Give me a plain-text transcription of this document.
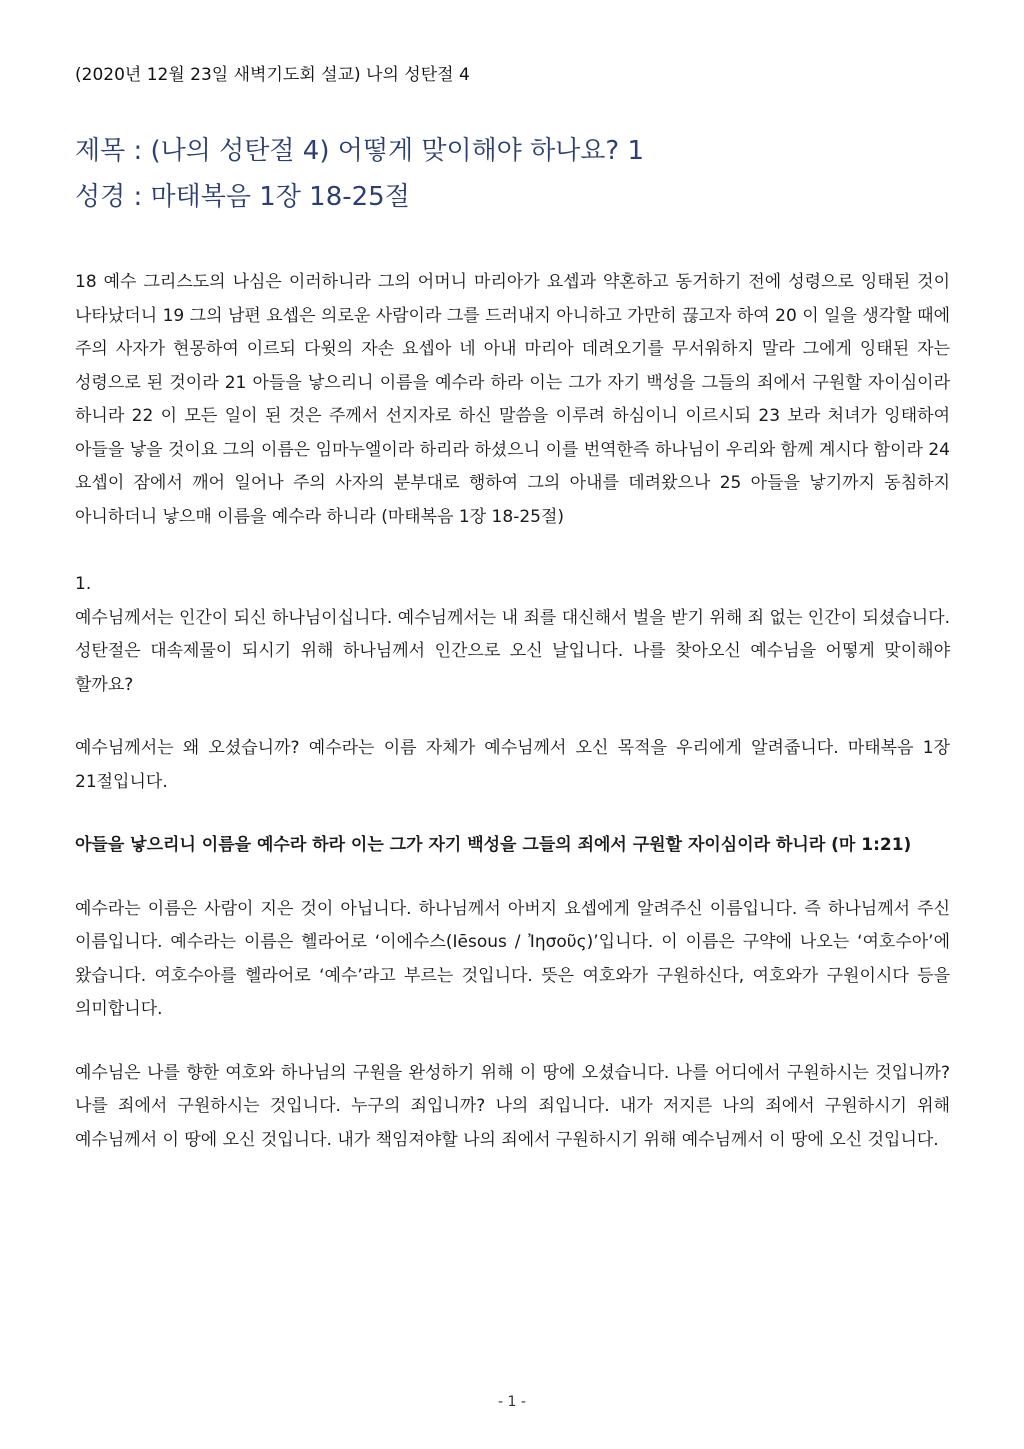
(2020년 12월 23일 새벽기도회 설교) 나의 성탄절 4

제목 : (나의 성탄절 4) 어떻게 맞이해야 하나요? 1
성경 : 마태복음 1장 18-25절

18 예수 그리스도의 나심은 이러하니라 그의 어머니 마리아가 요셉과 약혼하고 동거하기 전에 성령으로 잉태된 것이 나타났더니 19 그의 남편 요셉은 의로운 사람이라 그를 드러내지 아니하고 가만히 끊고자 하여 20 이 일을 생각할 때에 주의 사자가 현몽하여 이르되 다윗의 자손 요셉아 네 아내 마리아 데려오기를 무서워하지 말라 그에게 잉태된 자는 성령으로 된 것이라 21 아들을 낳으리니 이름을 예수라 하라 이는 그가 자기 백성을 그들의 죄에서 구원할 자이심이라 하니라 22 이 모든 일이 된 것은 주께서 선지자로 하신 말씀을 이루려 하심이니 이르시되 23 보라 처녀가 잉태하여 아들을 낳을 것이요 그의 이름은 임마누엘이라 하리라 하셨으니 이를 번역한즉 하나님이 우리와 함께 계시다 함이라 24 요셉이 잠에서 깨어 일어나 주의 사자의 분부대로 행하여 그의 아내를 데려왔으나 25 아들을 낳기까지 동침하지 아니하더니 낳으매 이름을 예수라 하니라 (마태복음 1장 18-25절)

1.

예수님께서는 인간이 되신 하나님이십니다. 예수님께서는 내 죄를 대신해서 벌을 받기 위해 죄 없는 인간이 되셨습니다. 성탄절은 대속제물이 되시기 위해 하나님께서 인간으로 오신 날입니다. 나를 찾아오신 예수님을 어떻게 맞이해야 할까요?

예수님께서는 왜 오셨습니까? 예수라는 이름 자체가 예수님께서 오신 목적을 우리에게 알려줍니다. 마태복음 1장 21절입니다.

아들을 낳으리니 이름을 예수라 하라 이는 그가 자기 백성을 그들의 죄에서 구원할 자이심이라 하니라 (마 1:21)

예수라는 이름은 사람이 지은 것이 아닙니다. 하나님께서 아버지 요셉에게 알려주신 이름입니다. 즉 하나님께서 주신 이름입니다. 예수라는 이름은 헬라어로 ‘이에수스(Iēsous / Ἰησοῦς)’입니다. 이 이름은 구약에 나오는 ‘여호수아’에 왔습니다. 여호수아를 헬라어로 ‘예수’라고 부르는 것입니다. 뜻은 여호와가 구원하신다, 여호와가 구원이시다 등을 의미합니다.

예수님은 나를 향한 여호와 하나님의 구원을 완성하기 위해 이 땅에 오셨습니다. 나를 어디에서 구원하시는 것입니까? 나를 죄에서 구원하시는 것입니다. 누구의 죄입니까? 나의 죄입니다. 내가 저지른 나의 죄에서 구원하시기 위해 예수님께서 이 땅에 오신 것입니다. 내가 책임져야할 나의 죄에서 구원하시기 위해 예수님께서 이 땅에 오신 것입니다.

- 1 -
